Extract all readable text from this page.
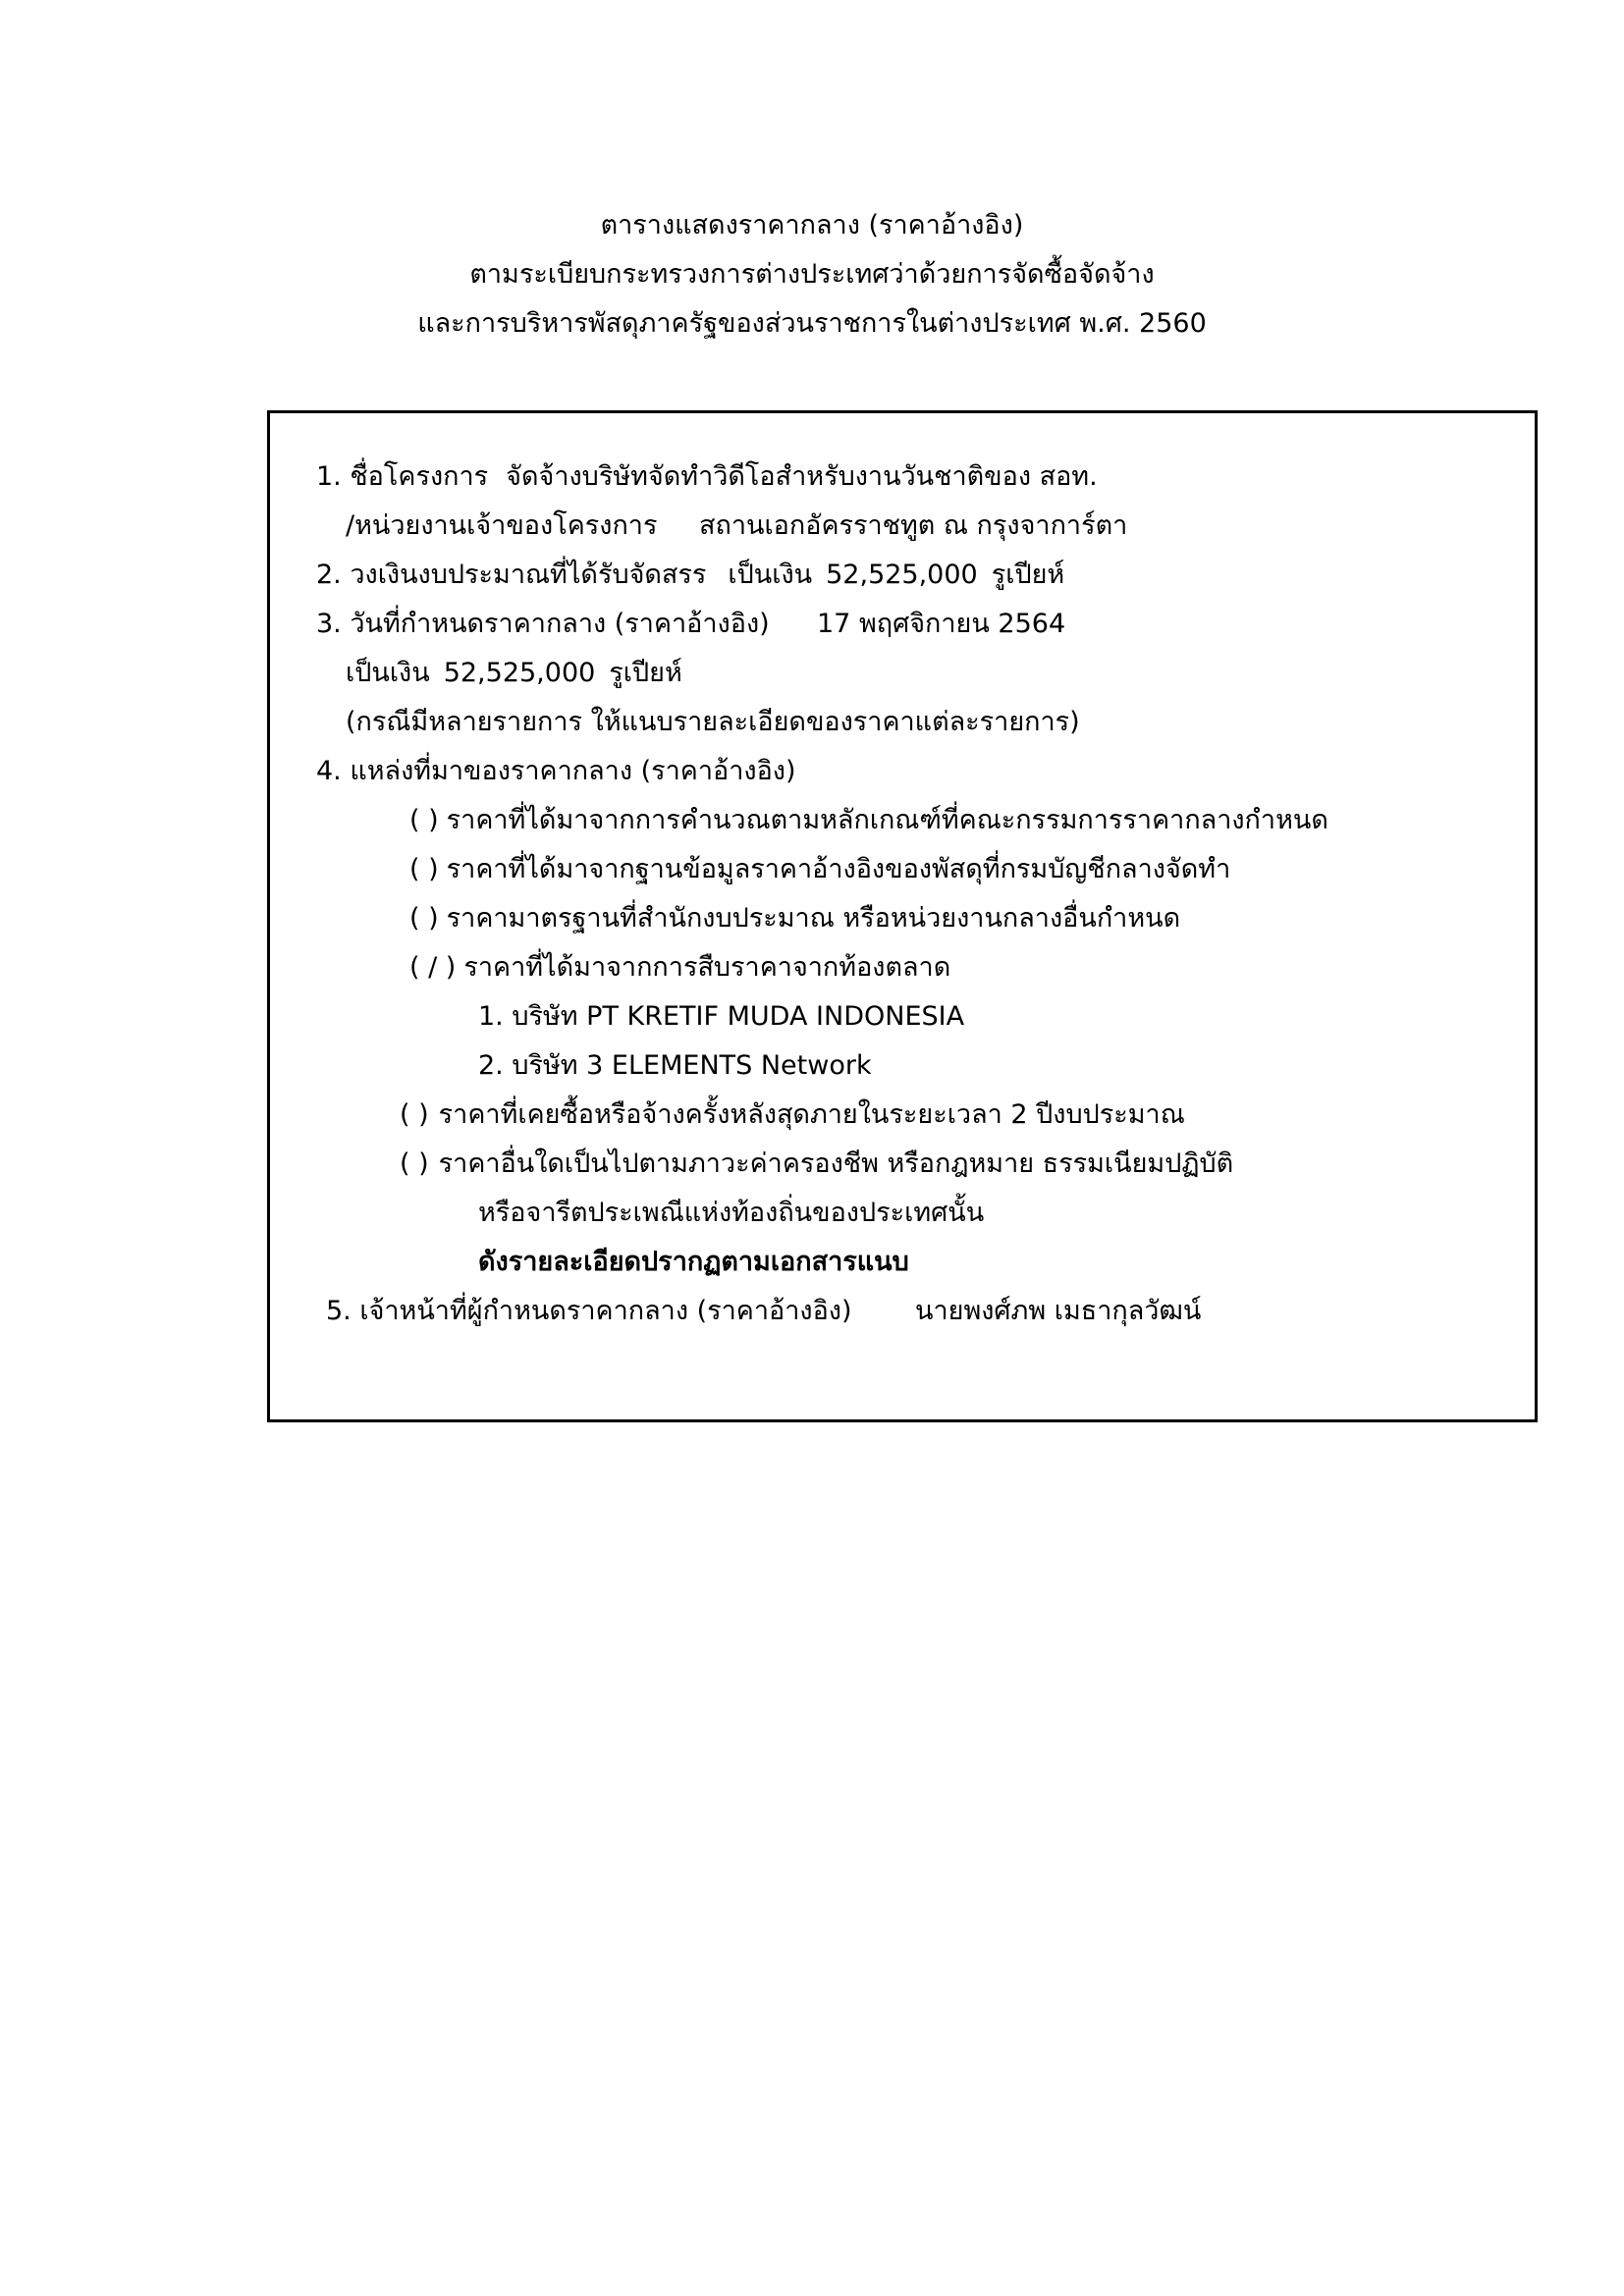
ตารางแสดงราคากลาง (ราคาอ้างอิง)
ตามระเบียบกระทรวงการต่างประเทศว่าด้วยการจัดซื้อจัดจ้าง
และการบริหารพัสดุภาครัฐของส่วนราชการในต่างประเทศ พ.ศ. 2560
1. ชื่อโครงการ จัดจ้างบริษัทจัดทำวิดีโอสำหรับงานวันชาติของ สอท.
/หน่วยงานเจ้าของโครงการ สถานเอกอัครราชทูต ณ กรุงจาการ์ตา
2. วงเงินงบประมาณที่ได้รับจัดสรร เป็นเงิน 52,525,000 รูเปียห์
3. วันที่กำหนดราคากลาง (ราคาอ้างอิง) 17 พฤศจิกายน 2564
เป็นเงิน 52,525,000 รูเปียห์
(กรณีมีหลายรายการ ให้แนบรายละเอียดของราคาแต่ละรายการ)
4. แหล่งที่มาของราคากลาง (ราคาอ้างอิง)
( ) ราคาที่ได้มาจากการคำนวณตามหลักเกณฑ์ที่คณะกรรมการราคากลางกำหนด
( ) ราคาที่ได้มาจากฐานข้อมูลราคาอ้างอิงของพัสดุที่กรมบัญชีกลางจัดทำ
( ) ราคามาตรฐานที่สำนักงบประมาณ หรือหน่วยงานกลางอื่นกำหนด
( / ) ราคาที่ได้มาจากการสืบราคาจากท้องตลาด
1. บริษัท PT KRETIF MUDA INDONESIA
2. บริษัท 3 ELEMENTS Network
( ) ราคาที่เคยซื้อหรือจ้างครั้งหลังสุดภายในระยะเวลา 2 ปีงบประมาณ
( ) ราคาอื่นใดเป็นไปตามภาวะค่าครองชีพ หรือกฎหมาย ธรรมเนียมปฏิบัติ
หรือจารีตประเพณีแห่งท้องถิ่นของประเทศนั้น
ดังรายละเอียดปรากฏตามเอกสารแนบ
5. เจ้าหน้าที่ผู้กำหนดราคากลาง (ราคาอ้างอิง) นายพงศ์ภพ เมธากุลวัฒน์
